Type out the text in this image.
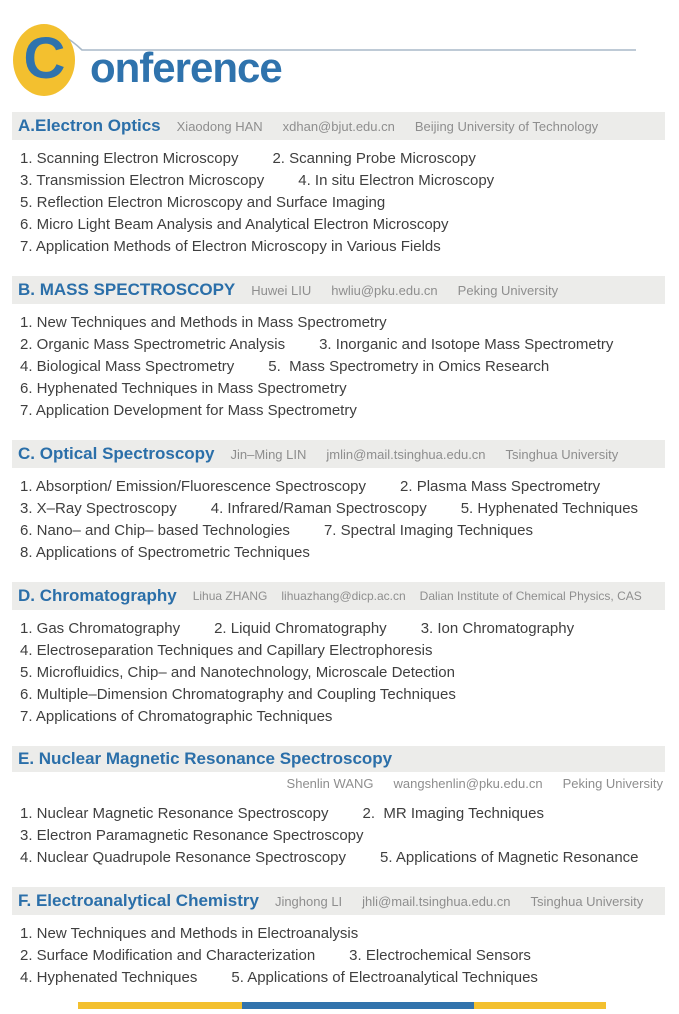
C onference
A.Electron Optics Xiaodong HAN xdhan@bjut.edu.cn Beijing University of Technology
1. Scanning Electron Microscopy 2. Scanning Probe Microscopy
3. Transmission Electron Microscopy 4. In situ Electron Microscopy
5. Reflection Electron Microscopy and Surface Imaging
6. Micro Light Beam Analysis and Analytical Electron Microscopy
7. Application Methods of Electron Microscopy in Various Fields
B. MASS SPECTROSCOPY Huwei LIU hwliu@pku.edu.cn Peking University
1. New Techniques and Methods in Mass Spectrometry
2. Organic Mass Spectrometric Analysis 3. Inorganic and Isotope Mass Spectrometry
4. Biological Mass Spectrometry 5.  Mass Spectrometry in Omics Research
6. Hyphenated Techniques in Mass Spectrometry
7. Application Development for Mass Spectrometry
C. Optical Spectroscopy Jin–Ming LIN jmlin@mail.tsinghua.edu.cn Tsinghua University
1. Absorption/ Emission/Fluorescence Spectroscopy 2. Plasma Mass Spectrometry
3. X–Ray Spectroscopy 4. Infrared/Raman Spectroscopy 5. Hyphenated Techniques
6. Nano– and Chip– based Technologies 7. Spectral Imaging Techniques
8. Applications of Spectrometric Techniques
D. Chromatography Lihua ZHANG lihuazhang@dicp.ac.cn Dalian Institute of Chemical Physics, CAS
1. Gas Chromatography 2. Liquid Chromatography 3. Ion Chromatography
4. Electroseparation Techniques and Capillary Electrophoresis
5. Microfluidics, Chip– and Nanotechnology, Microscale Detection
6. Multiple–Dimension Chromatography and Coupling Techniques
7. Applications of Chromatographic Techniques
E. Nuclear Magnetic Resonance Spectroscopy
Shenlin WANG wangshenlin@pku.edu.cn Peking University
1. Nuclear Magnetic Resonance Spectroscopy 2.  MR Imaging Techniques
3. Electron Paramagnetic Resonance Spectroscopy
4. Nuclear Quadrupole Resonance Spectroscopy 5. Applications of Magnetic Resonance
F. Electroanalytical Chemistry Jinghong LI jhli@mail.tsinghua.edu.cn Tsinghua University
1. New Techniques and Methods in Electroanalysis
2. Surface Modification and Characterization 3. Electrochemical Sensors
4. Hyphenated Techniques 5. Applications of Electroanalytical Techniques
